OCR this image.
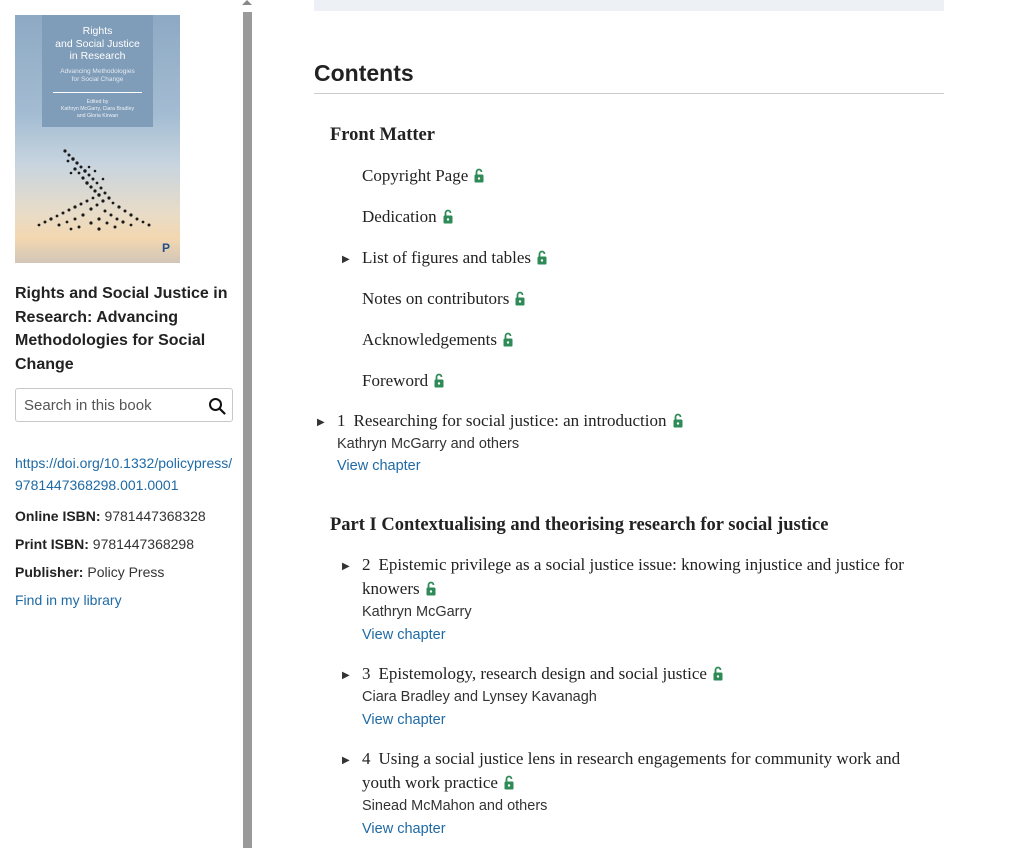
Rights
and Social Justice
in Research
Advancing Methodologies
for Social Change
Edited by
Kathryn McGarry, Ciara Bradley
and Gloria Kirwan
P
Rights and Social Justice in Research: Advancing Methodologies for Social Change
Search in this book
https://doi.org/10.1332/policypress/9781447368298.001.0001
Online ISBN: 9781447368328
Print ISBN: 9781447368298
Publisher: Policy Press
Find in my library
Contents
Front Matter
Copyright Page
Dedication
▶ List of figures and tables
Notes on contributors
Acknowledgements
Foreword
▶ 1 Researching for social justice: an introduction
Kathryn McGarry and others
View chapter
Part I Contextualising and theorising research for social justice
▶ 2 Epistemic privilege as a social justice issue: knowing injustice and justice for
knowers
Kathryn McGarry
View chapter
▶ 3 Epistemology, research design and social justice
Ciara Bradley and Lynsey Kavanagh
View chapter
▶ 4 Using a social justice lens in research engagements for community work and
youth work practice
Sinead McMahon and others
View chapter
